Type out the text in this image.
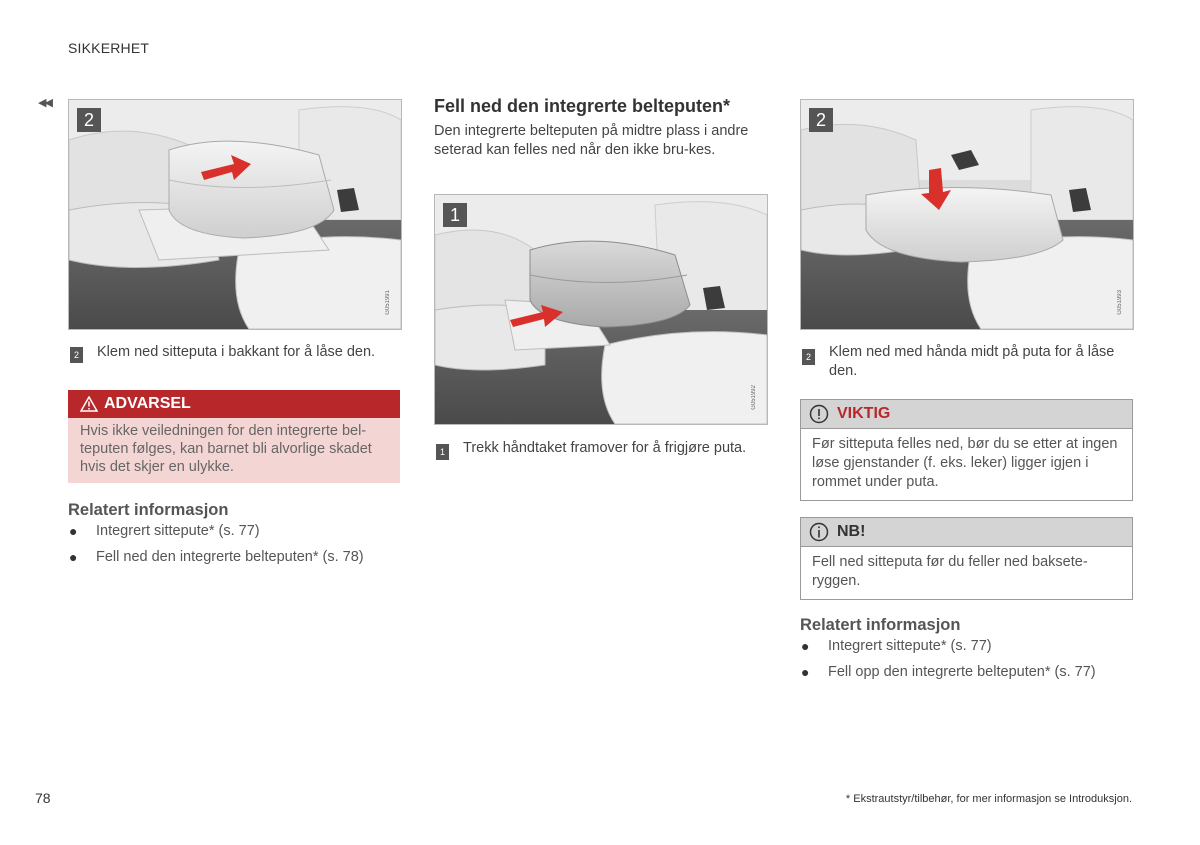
SIKKERHET
◀◀
2
G051991
2 Klem ned sitteputa i bakkant for å låse den.
ADVARSEL
Hvis ikke veiledningen for den integrerte bel-teputen følges, kan barnet bli alvorlige skadet hvis det skjer en ulykke.
Relatert informasjon
● Integrert sittepute* (s. 77)
● Fell ned den integrerte belteputen* (s. 78)
Fell ned den integrerte belteputen*
Den integrerte belteputen på midtre plass i andre seterad kan felles ned når den ikke bru-kes.
1
G051992
1 Trekk håndtaket framover for å frigjøre puta.
2
G051993
2 Klem ned med hånda midt på puta for å låse den.
VIKTIG
Før sitteputa felles ned, bør du se etter at ingen løse gjenstander (f. eks. leker) ligger igjen i rommet under puta.
NB!
Fell ned sitteputa før du feller ned baksete-ryggen.
Relatert informasjon
● Integrert sittepute* (s. 77)
● Fell opp den integrerte belteputen* (s. 77)
78	* Ekstrautstyr/tilbehør, for mer informasjon se Introduksjon.
